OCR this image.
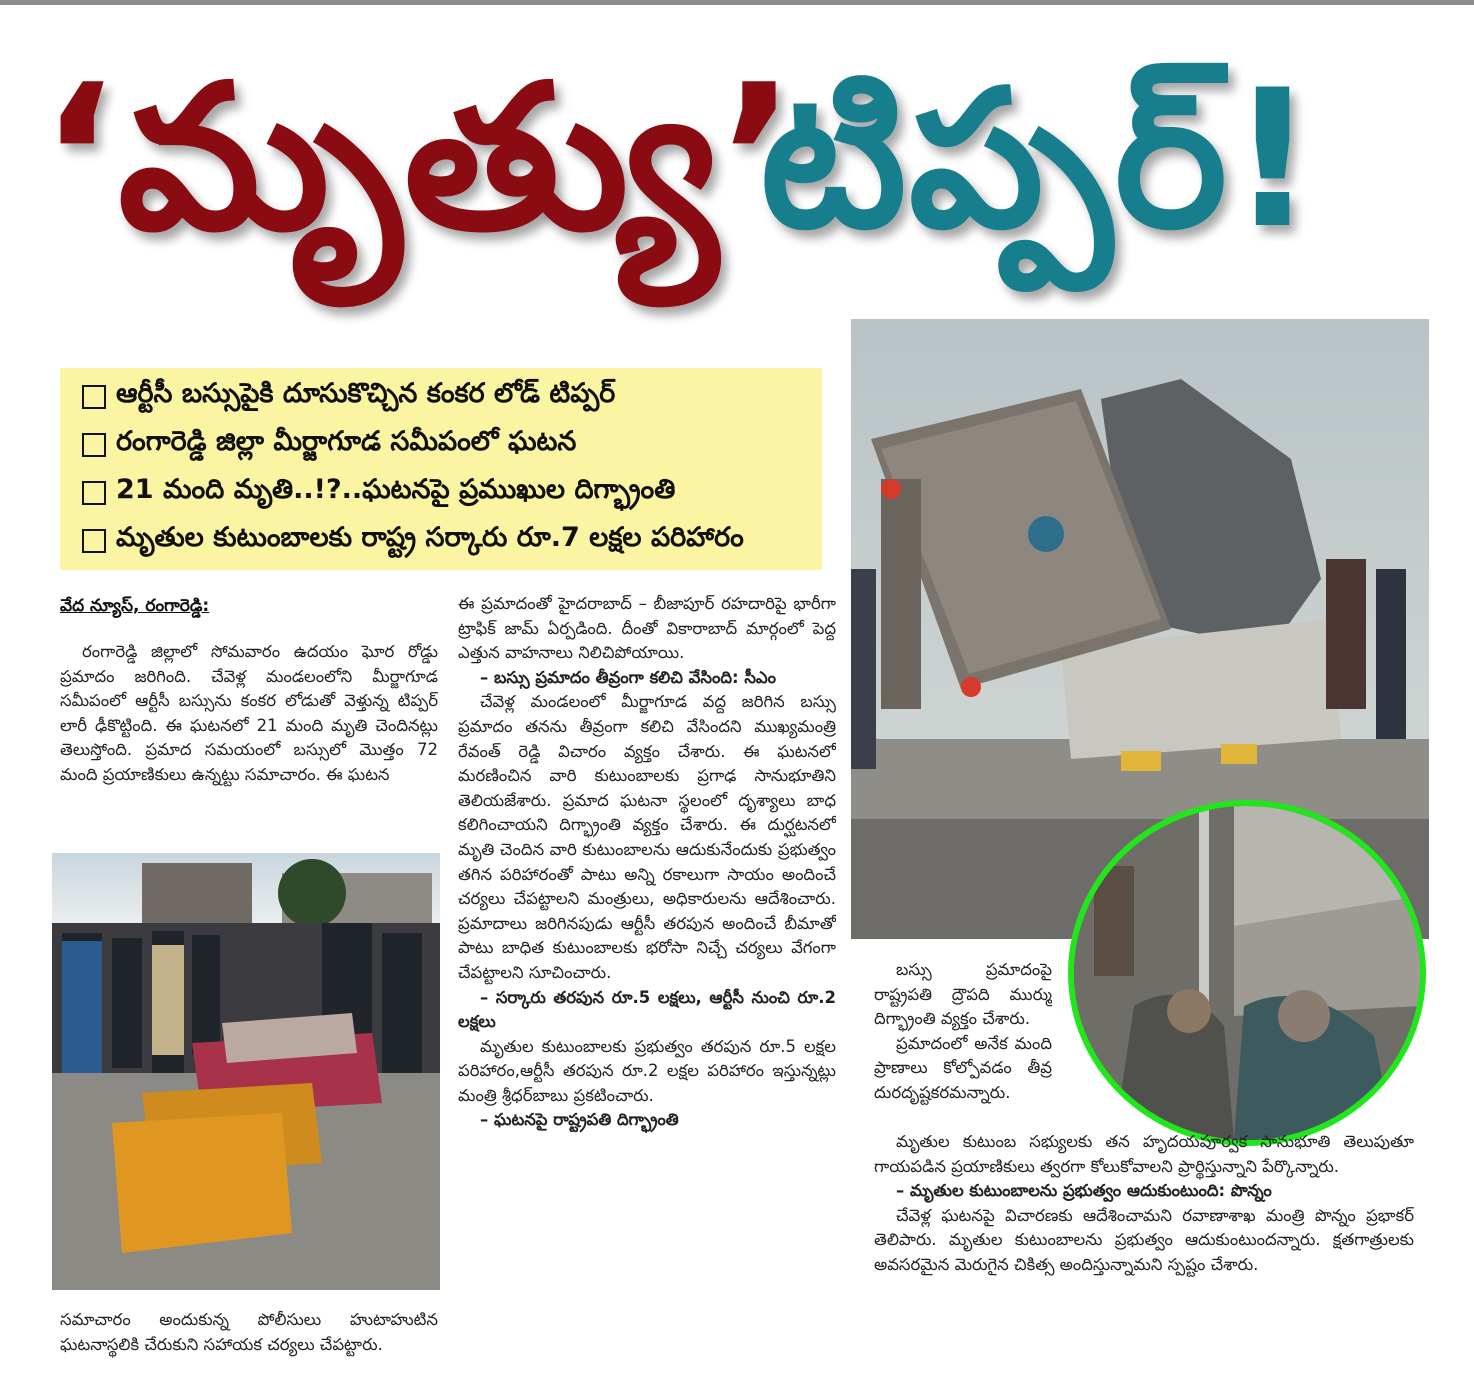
‘మృత్యు’
టిప్పర్!
ఆర్టీసీ బస్సుపైకి దూసుకొచ్చిన కంకర లోడ్‌ టిప్పర్
రంగారెడ్డి జిల్లా మీర్జాగూడ సమీపంలో ఘటన
21 మంది మృతి..!?..ఘటనపై ప్రముఖుల దిగ్భ్రాంతి
మృతుల కుటుంబాలకు రాష్ట్ర సర్కారు రూ.7 లక్షల పరిహారం
వేద న్యూస్‌, రంగారెడ్డి:

రంగారెడ్డి జిల్లాలో సోమవారం ఉదయం ఘోర రోడ్డు ప్రమాదం జరిగింది. చేవెళ్ల మండలంలోని మీర్జాగూడ సమీపంలో ఆర్టీసీ బస్సును కంకర లోడుతో వెళ్తున్న టిప్పర్‌ లారీ ఢీకొట్టింది. ఈ ఘటనలో 21 మంది మృతి చెందినట్లు తెలుస్తోంది. ప్రమాద సమయంలో బస్సులో మొత్తం 72 మంది ప్రయాణికులు ఉన్నట్టు సమాచారం. ఈ ఘటన

సమాచారం అందుకున్న పోలీసులు హుటాహుటిన ఘటనాస్థలికి చేరుకుని సహాయక చర్యలు చేపట్టారు.

ఈ ప్రమాదంతో హైదరాబాద్‌ – బీజాపూర్‌ రహదారిపై భారీగా ట్రాఫిక్‌ జామ్‌ ఏర్పడింది. దీంతో వికారాబాద్‌ మార్గంలో పెద్ద ఎత్తున వాహనాలు నిలిచిపోయాయి.

– బస్సు ప్రమాదం తీవ్రంగా కలిచి వేసింది: సీఎం

చేవెళ్ల మండలంలో మీర్జాగూడ వద్ద జరిగిన బస్సు ప్రమాదం తనను తీవ్రంగా కలిచి వేసిందని ముఖ్యమంత్రి రేవంత్‌ రెడ్డి విచారం వ్యక్తం చేశారు. ఈ ఘటనలో మరణించిన వారి కుటుంబాలకు ప్రగాఢ సానుభూతిని తెలియజేశారు. ప్రమాద ఘటనా స్థలంలో దృశ్యాలు బాధ కలిగించాయని దిగ్భ్రాంతి వ్యక్తం చేశారు. ఈ దుర్ఘటనలో మృతి చెందిన వారి కుటుంబాలను ఆదుకునేందుకు ప్రభుత్వం తగిన పరిహారంతో పాటు అన్ని రకాలుగా సాయం అందించే చర్యలు చేపట్టాలని మంత్రులు, అధికారులను ఆదేశించారు. ప్రమాదాలు జరిగినపుడు ఆర్టీసీ తరపున అందించే బీమాతో పాటు బాధిత కుటుంబాలకు భరోసా నిచ్చే చర్యలు వేగంగా చేపట్టాలని సూచించారు.

– సర్కారు తరపున రూ.5 లక్షలు, ఆర్టీసీ నుంచి రూ.2 లక్షలు

మృతుల కుటుంబాలకు ప్రభుత్వం తరపున రూ.5 లక్షల పరిహారం,ఆర్టీసీ తరపున రూ.2 లక్షల పరిహారం ఇస్తున్నట్లు మంత్రి శ్రీధర్‌బాబు ప్రకటించారు.

– ఘటనపై రాష్ట్రపతి దిగ్భ్రాంతి

బస్సు ప్రమాదంపై రాష్ట్రపతి ద్రౌపది ముర్ము దిగ్భ్రాంతి వ్యక్తం చేశారు.

ప్రమాదంలో అనేక మంది ప్రాణాలు కోల్పోవడం తీవ్ర దురదృష్టకరమన్నారు.

మృతుల కుటుంబ సభ్యులకు తన హృదయపూర్వక సానుభూతి తెలుపుతూ గాయపడిన ప్రయాణికులు త్వరగా కోలుకోవాలని ప్రార్థిస్తున్నాని పేర్కొన్నారు.

– మృతుల కుటుంబాలను ప్రభుత్వం ఆదుకుంటుంది: పొన్నం

చేవెళ్ల ఘటనపై విచారణకు ఆదేశించామని రవాణాశాఖ మంత్రి పొన్నం ప్రభాకర్‌ తెలిపారు. మృతుల కుటుంబాలను ప్రభుత్వం ఆదుకుంటుందన్నారు. క్షతగాత్రులకు అవసరమైన మెరుగైన చికిత్స అందిస్తున్నామని స్పష్టం చేశారు.
